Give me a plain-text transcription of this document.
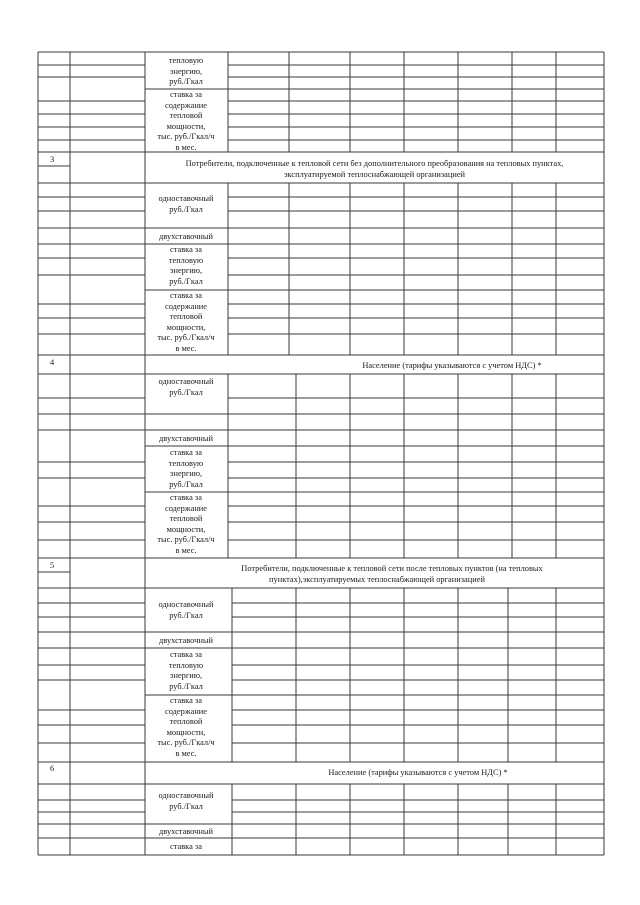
тепловую
энергию,
руб./Гкал
ставка за
содержание
тепловой
мощности,
тыс. руб./Гкал/ч
в мес.
3	Потребители, подключенные к тепловой сети без дополнительного преобразования на тепловых пунктах,
эксплуатируемой теплоснабжающей организацией
одноставочный
руб./Гкал
двухставочный
ставка за
тепловую
энергию,
руб./Гкал
ставка за
содержание
тепловой
мощности,
тыс. руб./Гкал/ч
в мес.
4	Население (тарифы указываются с учетом НДС) *
одноставочный
руб./Гкал
двухставочный
ставка за
тепловую
энергию,
руб./Гкал
ставка за
содержание
тепловой
мощности,
тыс. руб./Гкал/ч
в мес.
5	Потребители, подключенные к тепловой сети после тепловых пунктов (на тепловых
пунктах),эксплуатируемых теплоснабжающей организацией
одноставочный
руб./Гкал
двухставочный
ставка за
тепловую
энергию,
руб./Гкал
ставка за
содержание
тепловой
мощности,
тыс. руб./Гкал/ч
в мес.
6	Население (тарифы указываются с учетом НДС) *
одноставочный
руб./Гкал
двухставочный
ставка за
